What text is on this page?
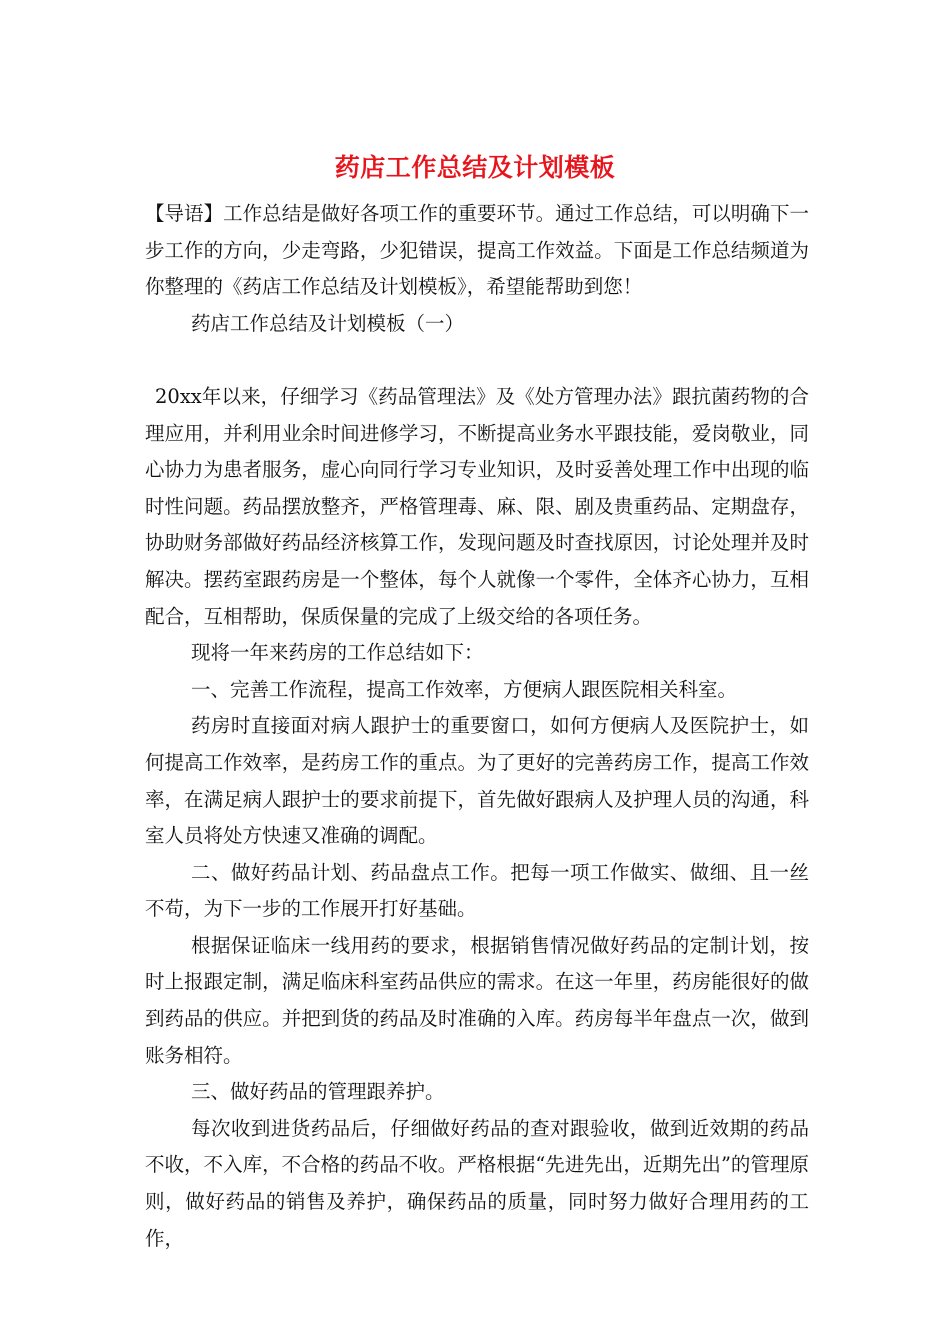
药店工作总结及计划模板

【导语】工作总结是做好各项工作的重要环节。通过工作总结，可以明确下一步工作的方向，少走弯路，少犯错误，提高工作效益。下面是工作总结频道为你整理的《药店工作总结及计划模板》，希望能帮助到您！

药店工作总结及计划模板（一）

20xx年以来，仔细学习《药品管理法》及《处方管理办法》跟抗菌药物的合理应用，并利用业余时间进修学习，不断提高业务水平跟技能，爱岗敬业，同心协力为患者服务，虚心向同行学习专业知识，及时妥善处理工作中出现的临时性问题。药品摆放整齐，严格管理毒、麻、限、剧及贵重药品、定期盘存，协助财务部做好药品经济核算工作，发现问题及时查找原因，讨论处理并及时解决。摆药室跟药房是一个整体，每个人就像一个零件，全体齐心协力，互相配合，互相帮助，保质保量的完成了上级交给的各项任务。

现将一年来药房的工作总结如下：

一、完善工作流程，提高工作效率，方便病人跟医院相关科室。

药房时直接面对病人跟护士的重要窗口，如何方便病人及医院护士，如何提高工作效率，是药房工作的重点。为了更好的完善药房工作，提高工作效率，在满足病人跟护士的要求前提下，首先做好跟病人及护理人员的沟通，科室人员将处方快速又准确的调配。

二、做好药品计划、药品盘点工作。把每一项工作做实、做细、且一丝不苟，为下一步的工作展开打好基础。

根据保证临床一线用药的要求，根据销售情况做好药品的定制计划，按时上报跟定制，满足临床科室药品供应的需求。在这一年里，药房能很好的做到药品的供应。并把到货的药品及时准确的入库。药房每半年盘点一次，做到账务相符。

三、做好药品的管理跟养护。

每次收到进货药品后，仔细做好药品的查对跟验收，做到近效期的药品不收，不入库，不合格的药品不收。严格根据“先进先出，近期先出”的管理原则，做好药品的销售及养护，确保药品的质量，同时努力做好合理用药的工作，
